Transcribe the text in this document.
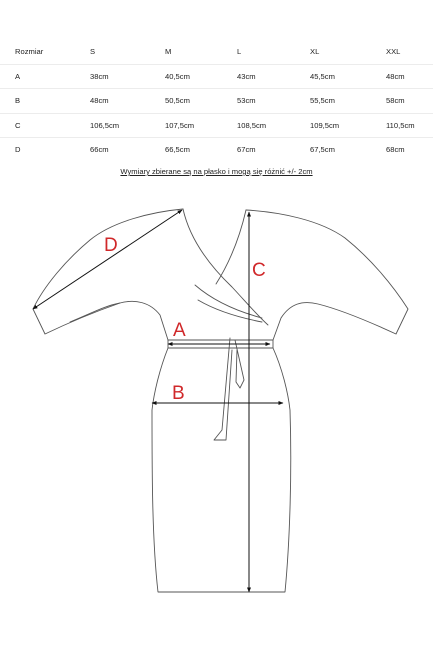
Rozmiar	S	M	L	XL	XXL
A	38cm	40,5cm	43cm	45,5cm	48cm
B	48cm	50,5cm	53cm	55,5cm	58cm
C	106,5cm	107,5cm	108,5cm	109,5cm	110,5cm
D	66cm	66,5cm	67cm	67,5cm	68cm
Wymiary zbierane są na płasko i mogą się różnić +/- 2cm
D
A
B
C
